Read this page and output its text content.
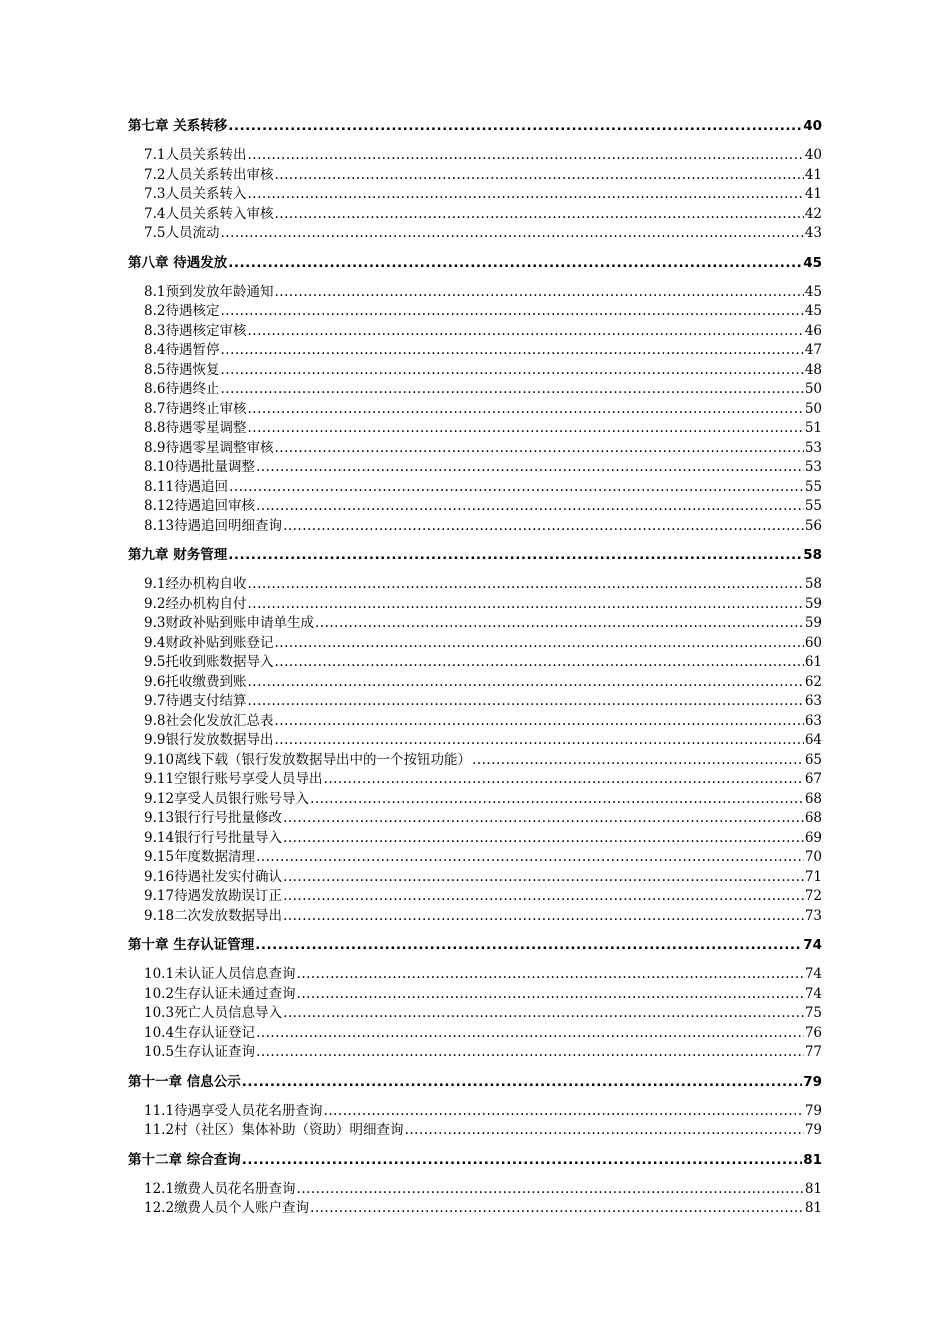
第七章 关系转移 .....	40
7.1 人员关系转出 .....	40
7.2 人员关系转出审核 .....	41
7.3 人员关系转入 .....	41
7.4 人员关系转入审核 .....	42
7.5 人员流动 .....	43
第八章 待遇发放 .....	45
8.1 预到发放年龄通知 .....	45
8.2 待遇核定 .....	45
8.3 待遇核定审核 .....	46
8.4 待遇暂停 .....	47
8.5 待遇恢复 .....	48
8.6 待遇终止 .....	50
8.7 待遇终止审核 .....	50
8.8 待遇零星调整 .....	51
8.9 待遇零星调整审核 .....	53
8.10 待遇批量调整 .....	53
8.11 待遇追回 .....	55
8.12 待遇追回审核 .....	55
8.13 待遇追回明细查询 .....	56
第九章 财务管理 .....	58
9.1 经办机构自收 .....	58
9.2 经办机构自付 .....	59
9.3 财政补贴到账申请单生成 .....	59
9.4 财政补贴到账登记 .....	60
9.5 托收到账数据导入 .....	61
9.6 托收缴费到账 .....	62
9.7 待遇支付结算 .....	63
9.8 社会化发放汇总表 .....	63
9.9 银行发放数据导出 .....	64
9.10 离线下载（银行发放数据导出中的一个按钮功能） .....	65
9.11 空银行账号享受人员导出 .....	67
9.12 享受人员银行账号导入 .....	68
9.13 银行行号批量修改 .....	68
9.14 银行行号批量导入 .....	69
9.15 年度数据清理 .....	70
9.16 待遇社发实付确认 .....	71
9.17 待遇发放勘误订正 .....	72
9.18 二次发放数据导出 .....	73
第十章 生存认证管理 .....	74
10.1 未认证人员信息查询 .....	74
10.2 生存认证未通过查询 .....	74
10.3 死亡人员信息导入 .....	75
10.4 生存认证登记 .....	76
10.5 生存认证查询 .....	77
第十一章 信息公示 .....	79
11.1 待遇享受人员花名册查询 .....	79
11.2 村（社区）集体补助（资助）明细查询 .....	79
第十二章 综合查询 .....	81
12.1 缴费人员花名册查询 .....	81
12.2 缴费人员个人账户查询 .....	81
